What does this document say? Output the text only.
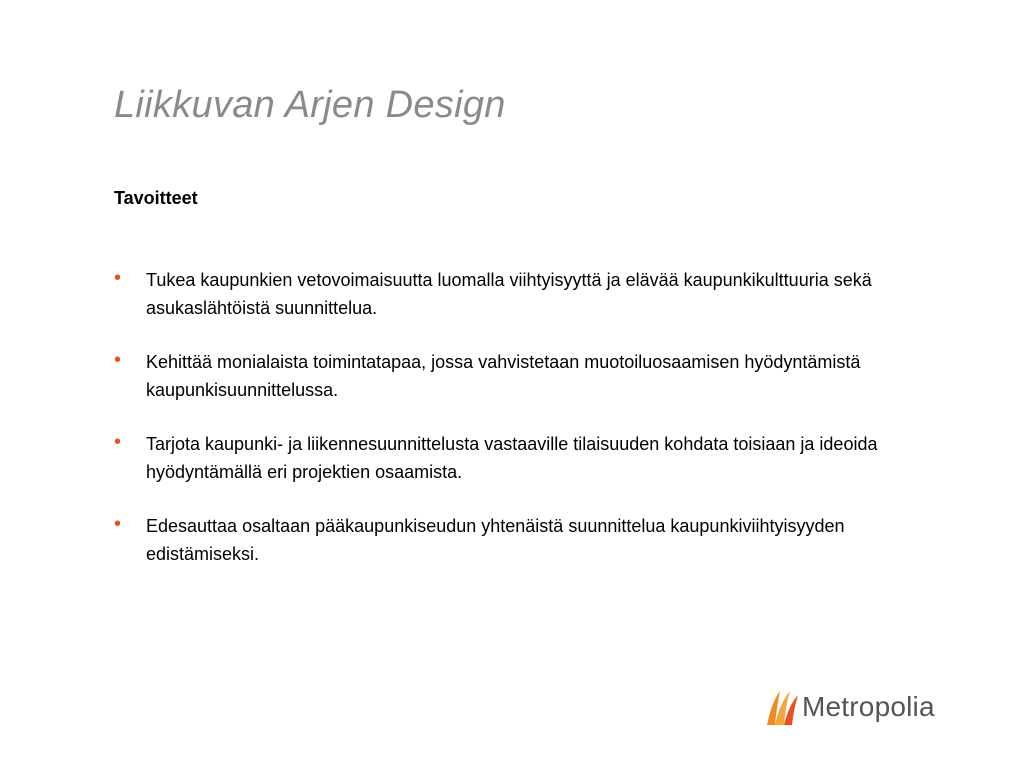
Liikkuvan Arjen Design
Tavoitteet
• Tukea kaupunkien vetovoimaisuutta luomalla viihtyisyyttä ja elävää kaupunkikulttuuria sekä asukaslähtöistä suunnittelua.
• Kehittää monialaista toimintatapaa, jossa vahvistetaan muotoiluosaamisen hyödyntämistä kaupunkisuunnittelussa.
• Tarjota kaupunki- ja liikennesuunnittelusta vastaaville tilaisuuden kohdata toisiaan ja ideoida hyödyntämällä eri projektien osaamista.
• Edesauttaa osaltaan pääkaupunkiseudun yhtenäistä suunnittelua kaupunkiviihtyisyyden edistämiseksi.
Metropolia
